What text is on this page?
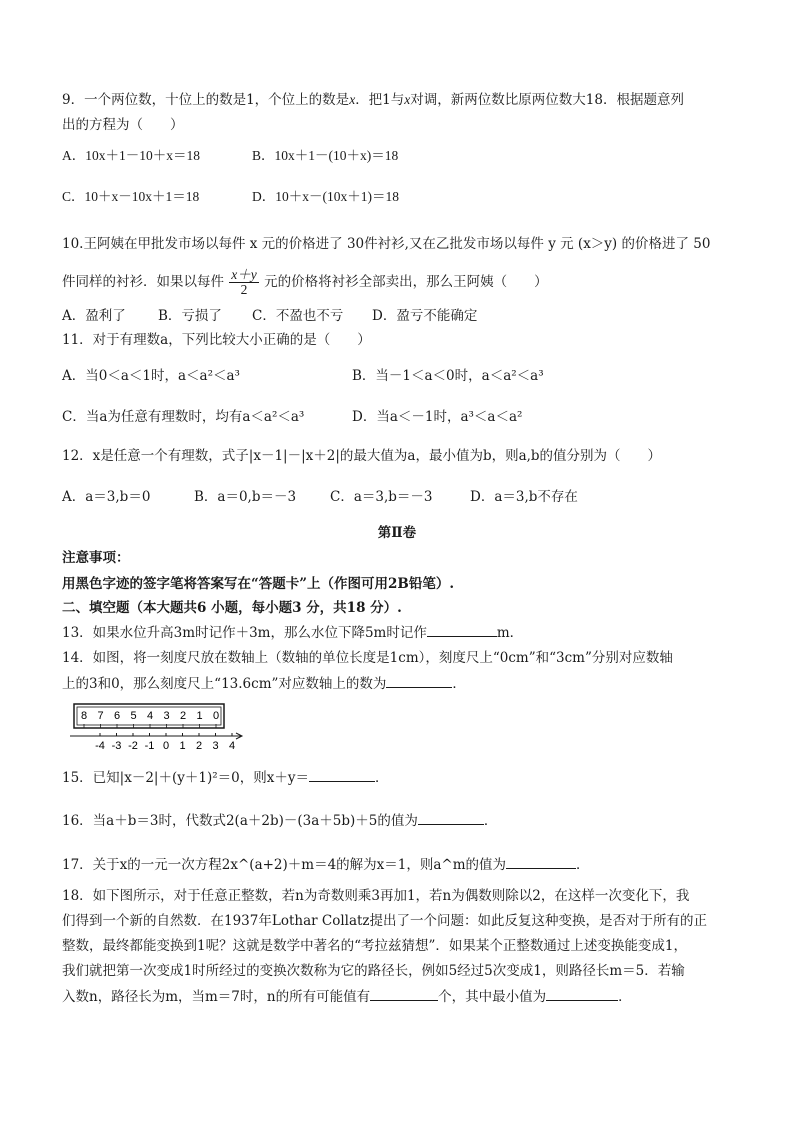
9．一个两位数，十位上的数是1，个位上的数是x．把1与x对调，新两位数比原两位数大18．根据题意列
出的方程为（　　）
A．10x＋1－10＋x＝18	B．10x＋1－(10＋x)＝18
C．10＋x－10x＋1＝18	D．10＋x－(10x＋1)＝18
10.王阿姨在甲批发市场以每件 x 元的价格进了 30件衬衫,又在乙批发市场以每件 y 元 (x＞y) 的价格进了 50
件同样的衬衫．如果以每件 $\frac{x+y}{2}$ 元的价格将衬衫全部卖出，那么王阿姨（　　）
A．盈利了 B．亏损了 C．不盈也不亏 D．盈亏不能确定
11．对于有理数a，下列比较大小正确的是（　　）
A．当0＜a＜1时，a＜a²＜a³	B．当－1＜a＜0时，a＜a²＜a³
C．当a为任意有理数时，均有a＜a²＜a³	D．当a＜－1时，a³＜a＜a²
12．x是任意一个有理数，式子|x－1|－|x＋2|的最大值为a，最小值为b，则a,b的值分别为（　　）
A．a＝3,b＝0	B．a＝0,b＝－3	C．a＝3,b＝－3	D．a＝3,b不存在
第Ⅱ卷
注意事项：
用黑色字迹的签字笔将答案写在“答题卡”上（作图可用2B铅笔）.
二、填空题（本大题共6 小题，每小题3 分，共18 分）.
13．如果水位升高3m时记作＋3m，那么水位下降5m时记作	m．
14．如图，将一刻度尺放在数轴上（数轴的单位长度是1cm），刻度尺上“0cm”和“3cm”分别对应数轴
上的3和0，那么刻度尺上“13.6cm”对应数轴上的数为	．
8 7 6 5 4 3 2 1 0
-4 -3 -2 -1 0 1 2 3 4
15．已知|x－2|＋(y＋1)²＝0，则x＋y＝	．
16．当a＋b＝3时，代数式2(a＋2b)－(3a＋5b)＋5的值为	．
17．关于x的一元一次方程2x^(a+2)＋m＝4的解为x＝1，则a^m的值为	．
18．如下图所示，对于任意正整数，若n为奇数则乘3再加1，若n为偶数则除以2，在这样一次变化下，我
们得到一个新的自然数．在1937年Lothar Collatz提出了一个问题：如此反复这种变换，是否对于所有的正
整数，最终都能变换到1呢？这就是数学中著名的“考拉兹猜想”．如果某个正整数通过上述变换能变成1，
我们就把第一次变成1时所经过的变换次数称为它的路径长，例如5经过5次变成1，则路径长m＝5．若输
入数n，路径长为m，当m＝7时，n的所有可能值有	个，其中最小值为	．
